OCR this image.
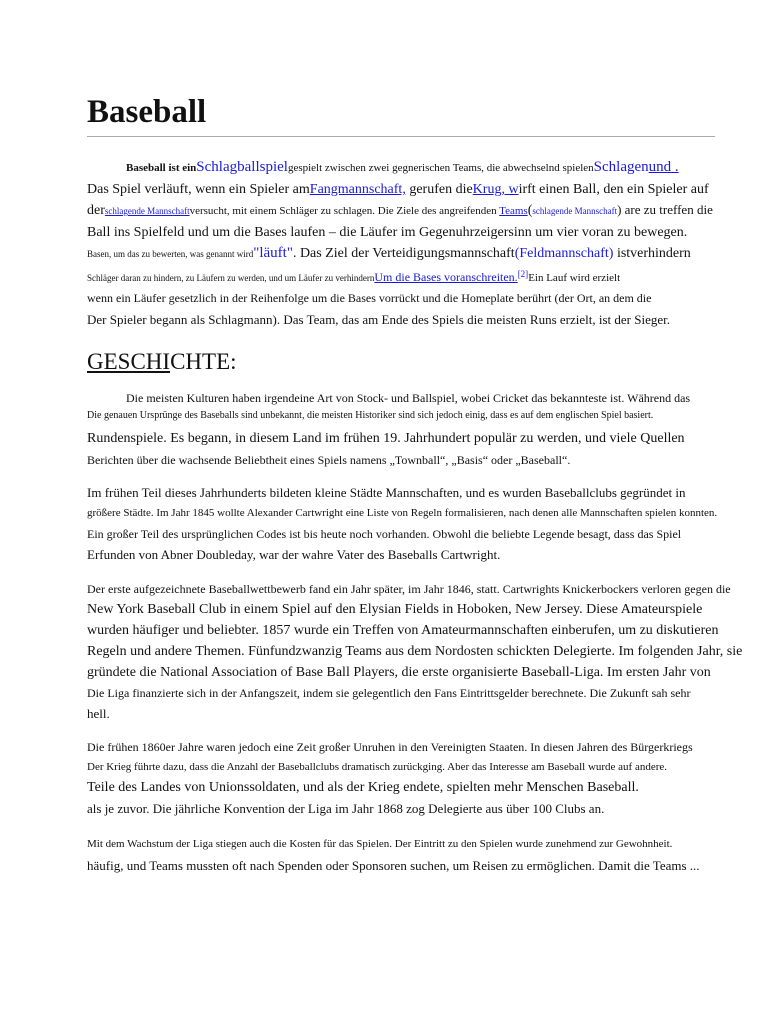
Baseball
Baseball ist einSchlagballspielgespielt zwischen zwei gegnerischen Teams, die abwechselnd spielenSchlagenund .
Das Spiel verläuft, wenn ein Spieler amFangmannschaft, gerufen dieKrug, wirft einen Ball, den ein Spieler auf
derschlagende Mannschaftversucht, mit einem Schläger zu schlagen. Die Ziele des angreifenden Teams(schlagende Mannschaft) are zu treffen die
Ball ins Spielfeld und um die Bases laufen – die Läufer im Gegenuhrzeigersinn um vier voran zu bewegen.
Basen, um das zu bewerten, was genannt wird"läuft". Das Ziel der Verteidigungsmannschaft(Feldmannschaft) istverhindern
Schläger daran zu hindern, zu Läufern zu werden, und um Läufer zu verhindernUm die Bases voranschreiten.[2]Ein Lauf wird erzielt
wenn ein Läufer gesetzlich in der Reihenfolge um die Bases vorrückt und die Homeplate berührt (der Ort, an dem die
Der Spieler begann als Schlagmann). Das Team, das am Ende des Spiels die meisten Runs erzielt, ist der Sieger.
GESCHICHTE:
Die meisten Kulturen haben irgendeine Art von Stock- und Ballspiel, wobei Cricket das bekannteste ist. Während das
Die genauen Ursprünge des Baseballs sind unbekannt, die meisten Historiker sind sich jedoch einig, dass es auf dem englischen Spiel basiert.
Rundenspiele. Es begann, in diesem Land im frühen 19. Jahrhundert populär zu werden, und viele Quellen
Berichten über die wachsende Beliebtheit eines Spiels namens „Townball“, „Basis“ oder „Baseball“.
Im frühen Teil dieses Jahrhunderts bildeten kleine Städte Mannschaften, und es wurden Baseballclubs gegründet in
größere Städte. Im Jahr 1845 wollte Alexander Cartwright eine Liste von Regeln formalisieren, nach denen alle Mannschaften spielen konnten.
Ein großer Teil des ursprünglichen Codes ist bis heute noch vorhanden. Obwohl die beliebte Legende besagt, dass das Spiel
Erfunden von Abner Doubleday, war der wahre Vater des Baseballs Cartwright.
Der erste aufgezeichnete Baseballwettbewerb fand ein Jahr später, im Jahr 1846, statt. Cartwrights Knickerbockers verloren gegen die
New York Baseball Club in einem Spiel auf den Elysian Fields in Hoboken, New Jersey. Diese Amateurspiele
wurden häufiger und beliebter. 1857 wurde ein Treffen von Amateurmannschaften einberufen, um zu diskutieren
Regeln und andere Themen. Fünfundzwanzig Teams aus dem Nordosten schickten Delegierte. Im folgenden Jahr, sie
gründete die National Association of Base Ball Players, die erste organisierte Baseball-Liga. Im ersten Jahr von
Die Liga finanzierte sich in der Anfangszeit, indem sie gelegentlich den Fans Eintrittsgelder berechnete. Die Zukunft sah sehr
hell.
Die frühen 1860er Jahre waren jedoch eine Zeit großer Unruhen in den Vereinigten Staaten. In diesen Jahren des Bürgerkriegs
Der Krieg führte dazu, dass die Anzahl der Baseballclubs dramatisch zurückging. Aber das Interesse am Baseball wurde auf andere.
Teile des Landes von Unionssoldaten, und als der Krieg endete, spielten mehr Menschen Baseball.
als je zuvor. Die jährliche Konvention der Liga im Jahr 1868 zog Delegierte aus über 100 Clubs an.
Mit dem Wachstum der Liga stiegen auch die Kosten für das Spielen. Der Eintritt zu den Spielen wurde zunehmend zur Gewohnheit.
häufig, und Teams mussten oft nach Spenden oder Sponsoren suchen, um Reisen zu ermöglichen. Damit die Teams ...
